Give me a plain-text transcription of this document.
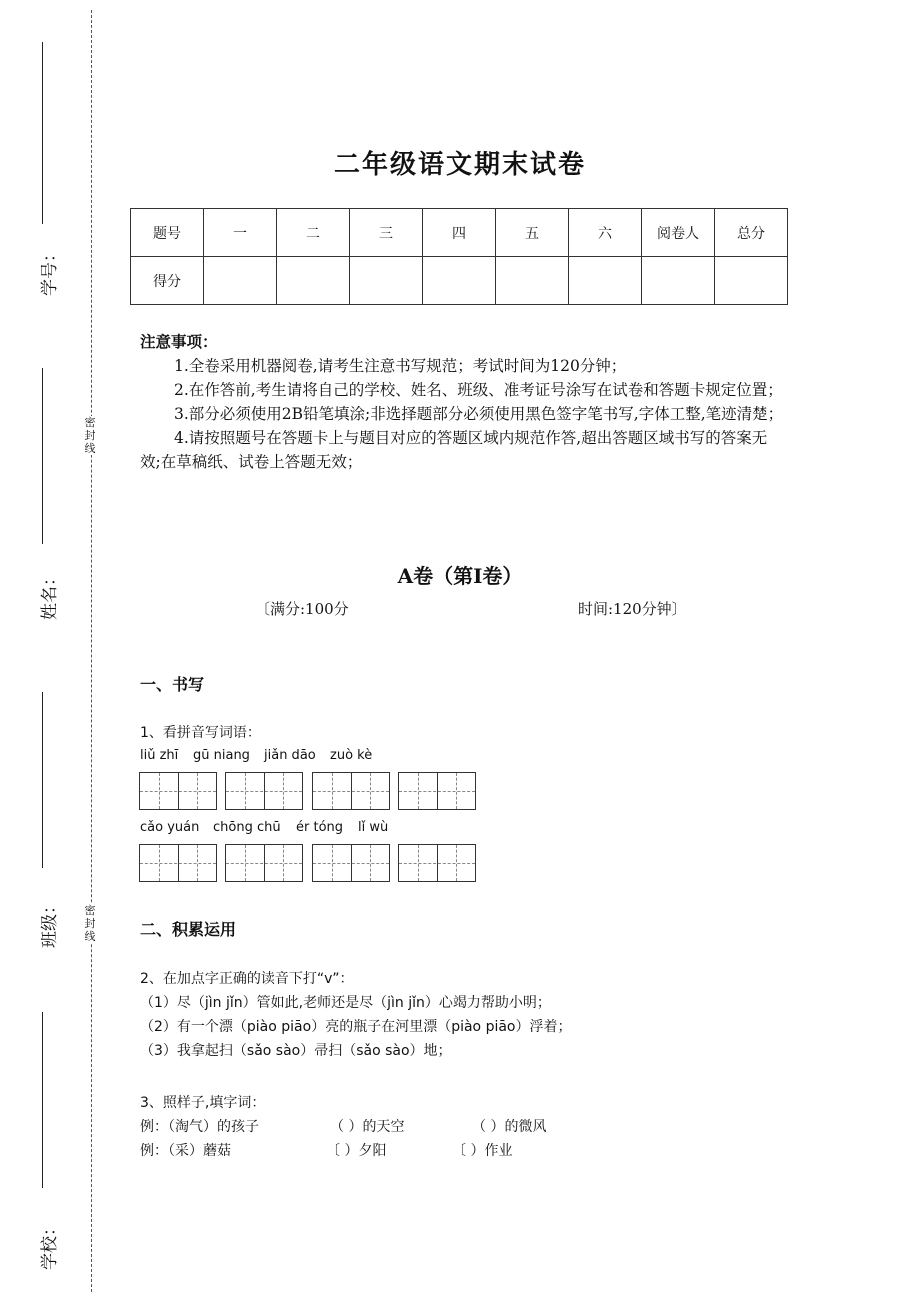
学号：
姓名：
班级：
学校：
密封线
密封线
二年级语文期末试卷
题号	一	二	三	四	五	六	阅卷人	总分
得分								
注意事项：
1.全卷采用机器阅卷,请考生注意书写规范；考试时间为120分钟；
2.在作答前,考生请将自己的学校、姓名、班级、准考证号涂写在试卷和答题卡规定位置；
3.部分必须使用2B铅笔填涂;非选择题部分必须使用黑色签字笔书写,字体工整,笔迹清楚；
4.请按照题号在答题卡上与题目对应的答题区域内规范作答,超出答题区域书写的答案无效;在草稿纸、试卷上答题无效；
A卷（第I卷）
〔满分:100分	时间:120分钟〕
一、书写
1、看拼音写词语：
liǔ zhī gū niang jiǎn dāo zuò kè
cǎo yuán chōng chū ér tóng lǐ wù
二、积累运用
2、在加点字正确的读音下打“v”：
（1）尽（jìn jǐn）管如此,老师还是尽（jìn jǐn）心竭力帮助小明；
（2）有一个漂（piào piāo）亮的瓶子在河里漂（piào piāo）浮着；
（3）我拿起扫（sǎo sào）帚扫（sǎo sào）地；
3、照样子,填字词：
例：（淘气）的孩子	（ ）的天空	（ ）的微风
例：（采）蘑菇	〔 ）夕阳	〔 ）作业
